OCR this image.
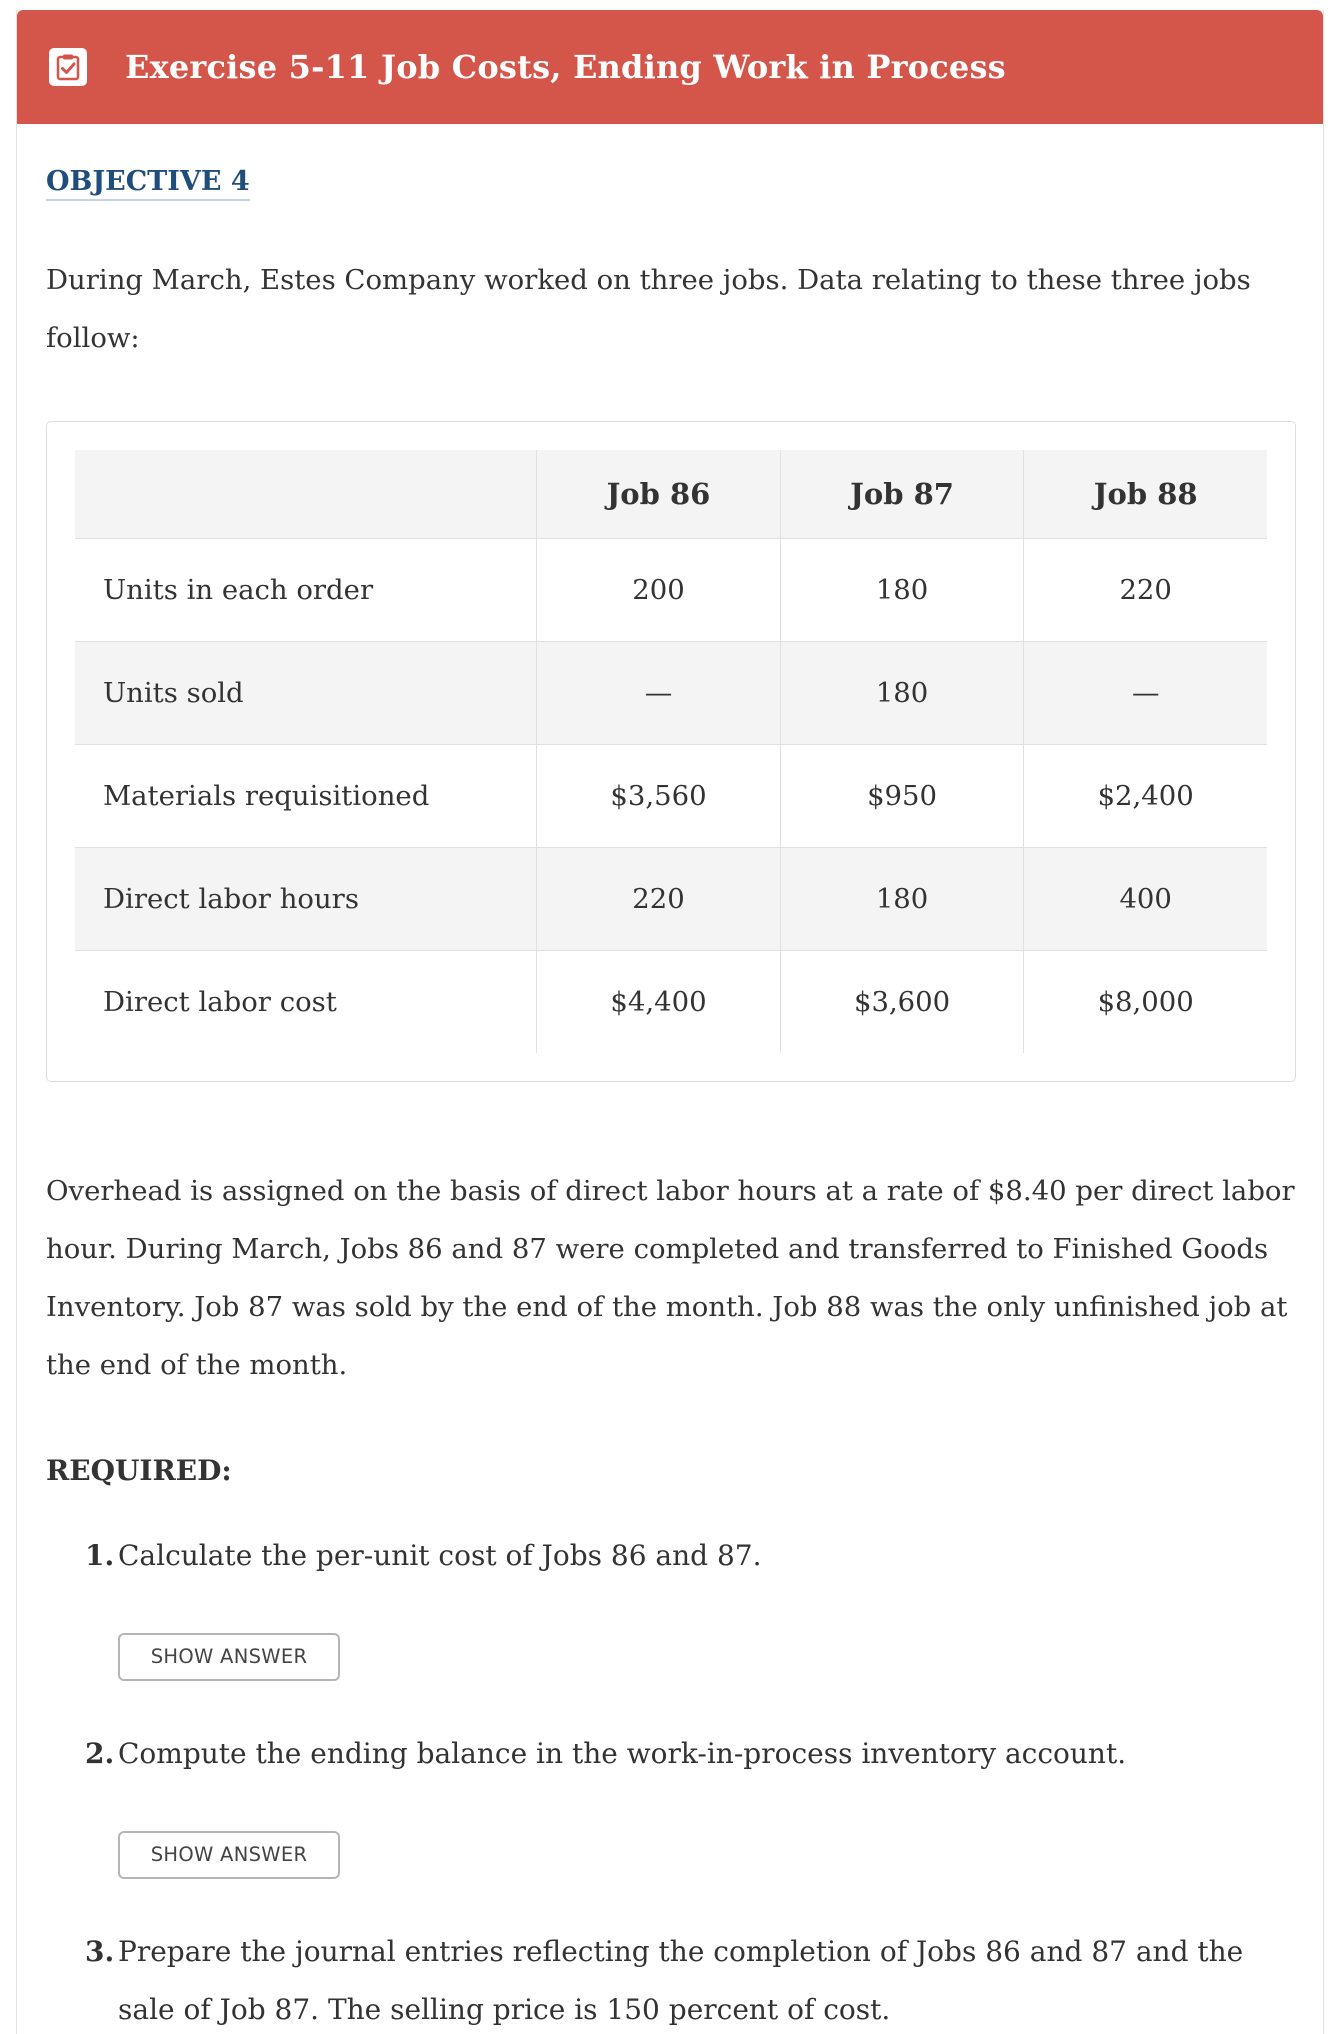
Exercise 5-11 Job Costs, Ending Work in Process
OBJECTIVE 4

During March, Estes Company worked on three jobs. Data relating to these three jobs follow:

	Job 86	Job 87	Job 88
Units in each order	200	180	220
Units sold	—	180	—
Materials requisitioned	$3,560	$950	$2,400
Direct labor hours	220	180	400
Direct labor cost	$4,400	$3,600	$8,000

Overhead is assigned on the basis of direct labor hours at a rate of $8.40 per direct labor hour. During March, Jobs 86 and 87 were completed and transferred to Finished Goods Inventory. Job 87 was sold by the end of the month. Job 88 was the only unfinished job at the end of the month.

REQUIRED:
1. Calculate the per-unit cost of Jobs 86 and 87.
SHOW ANSWER
2. Compute the ending balance in the work-in-process inventory account.
SHOW ANSWER
3. Prepare the journal entries reflecting the completion of Jobs 86 and 87 and the sale of Job 87. The selling price is 150 percent of cost.
